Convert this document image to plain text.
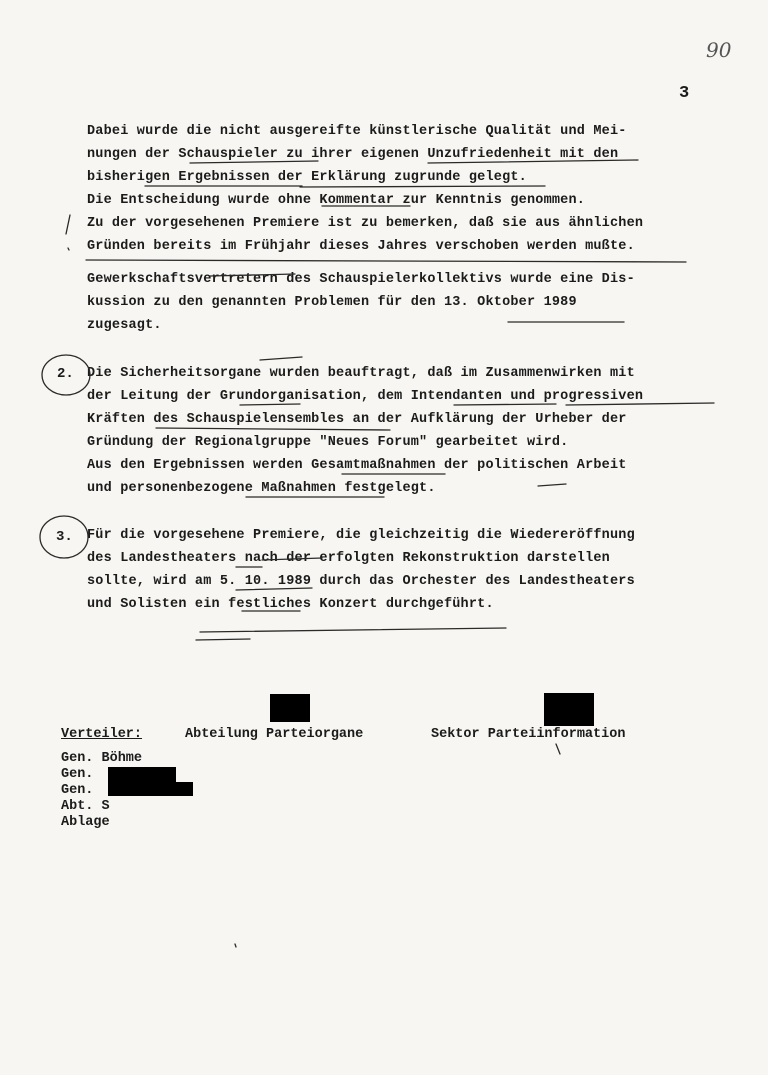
90
3

Dabei wurde die nicht ausgereifte künstlerische Qualität und Mei-

nungen der Schauspieler zu ihrer eigenen Unzufriedenheit mit den

bisherigen Ergebnissen der Erklärung zugrunde gelegt.

Die Entscheidung wurde ohne Kommentar zur Kenntnis genommen.

Zu der vorgesehenen Premiere ist zu bemerken, daß sie aus ähnlichen

Gründen bereits im Frühjahr dieses Jahres verschoben werden mußte.

Gewerkschaftsvertretern des Schauspielerkollektivs wurde eine Dis-

kussion zu den genannten Problemen für den 13. Oktober 1989

zugesagt.

2. Die Sicherheitsorgane wurden beauftragt, daß im Zusammenwirken mit

der Leitung der Grundorganisation, dem Intendanten und progressiven

Kräften des Schauspielensembles an der Aufklärung der Urheber der

Gründung der Regionalgruppe "Neues Forum" gearbeitet wird.

Aus den Ergebnissen werden Gesamtmaßnahmen der politischen Arbeit

und personenbezogene Maßnahmen festgelegt.

3. Für die vorgesehene Premiere, die gleichzeitig die Wiedereröffnung

des Landestheaters nach der erfolgten Rekonstruktion darstellen

sollte, wird am 5. 10. 1989 durch das Orchester des Landestheaters

und Solisten ein festliches Konzert durchgeführt.

Verteiler:	Abteilung Parteiorgane	Sektor Parteiinformation

Gen. Böhme

Gen.

Gen.

Abt. S

Ablage
